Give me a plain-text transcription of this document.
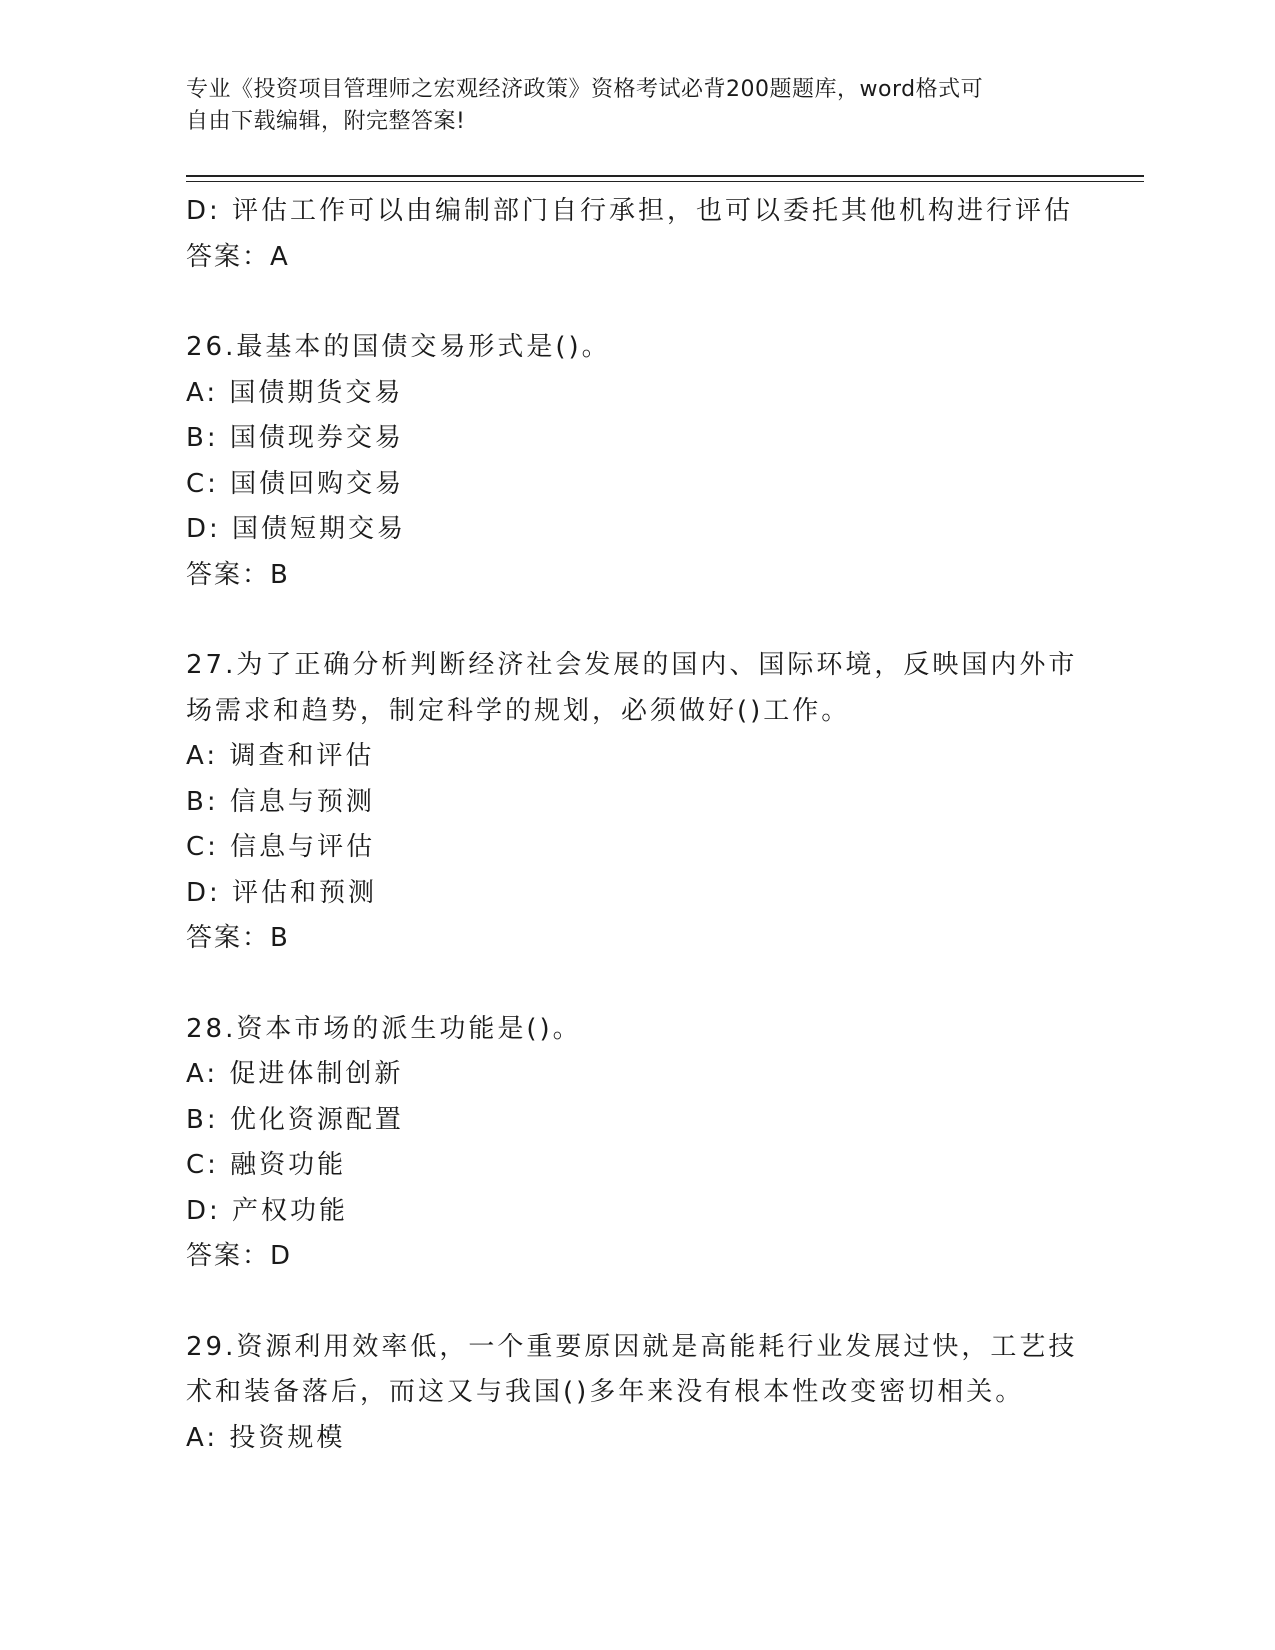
专业《投资项目管理师之宏观经济政策》资格考试必背200题题库，word格式可
自由下载编辑，附完整答案!
D: 评估工作可以由编制部门自行承担，也可以委托其他机构进行评估
答案：A
26.最基本的国债交易形式是()。
A: 国债期货交易
B: 国债现券交易
C: 国债回购交易
D: 国债短期交易
答案：B
27.为了正确分析判断经济社会发展的国内、国际环境，反映国内外市
场需求和趋势，制定科学的规划，必须做好()工作。
A: 调查和评估
B: 信息与预测
C: 信息与评估
D: 评估和预测
答案：B
28.资本市场的派生功能是()。
A: 促进体制创新
B: 优化资源配置
C: 融资功能
D: 产权功能
答案：D
29.资源利用效率低，一个重要原因就是高能耗行业发展过快，工艺技
术和装备落后，而这又与我国()多年来没有根本性改变密切相关。
A: 投资规模
